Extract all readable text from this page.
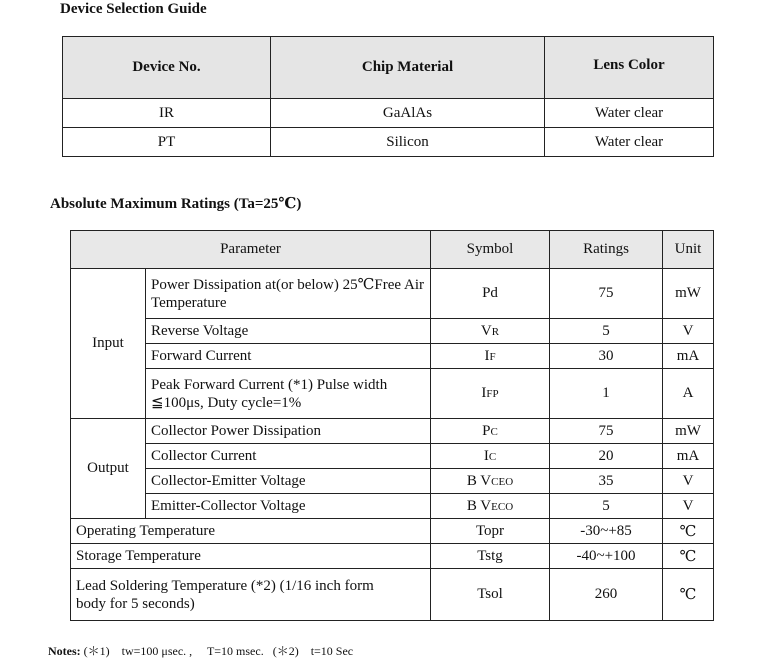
Device Selection Guide
Device No.	Chip Material	Lens Color
IR	GaAlAs	Water clear
PT	Silicon	Water clear
Absolute Maximum Ratings (Ta=25℃)
Parameter		Symbol	Ratings	Unit
Input	Power Dissipation at(or below) 25℃Free Air Temperature	Pd	75	mW
	Reverse Voltage	VR	5	V
	Forward Current	IF	30	mA
	Peak Forward Current (*1) Pulse width ≦100μs, Duty cycle=1%	IFP	1	A
Output	Collector Power Dissipation	PC	75	mW
	Collector Current	IC	20	mA
	Collector-Emitter Voltage	B VCEO	35	V
	Emitter-Collector Voltage	B VECO	5	V
Operating Temperature		Topr	-30~+85	℃
Storage Temperature		Tstg	-40~+100	℃

Lead Soldering Temperature (*2) (1/16 inch form body for 5 seconds)		Tsol	260	℃
Notes: (＊1)    tw=100 μsec. ,     T=10 msec.   (＊2)    t=10 Sec
